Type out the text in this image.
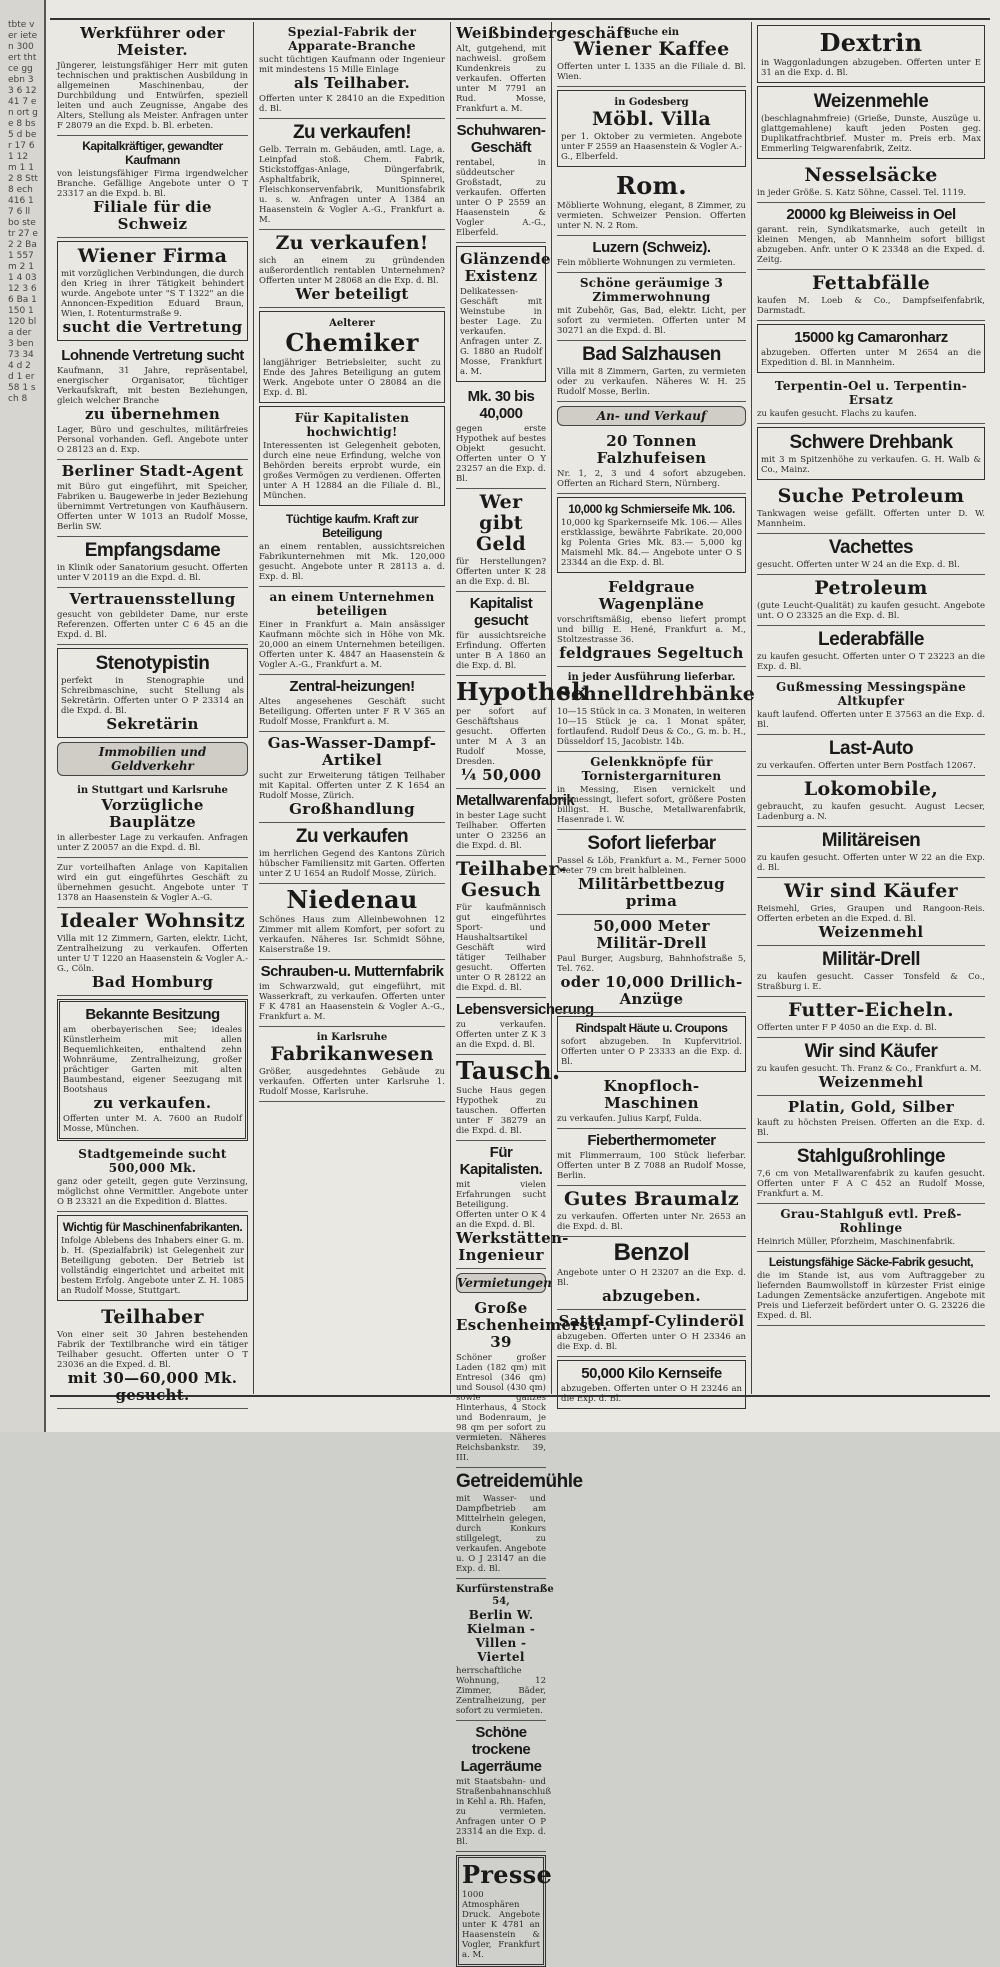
tbte ver ieten 300 ert tht ce ggebn 33 6 12 41 7 en ort ge 8 bs 5 d ber 17 6 1 12 m 1 12 8 Stt 8 ech 416 17 6 ll bo ste tr 27 e 2 2 Ba 1 557 m 2 11 4 03 12 3 66 Ba 1 150 1 120 bla der 3 ben 73 344 d 2 d 1 er 58 1 sch 8
Werkführer oder Meister.
Jüngerer, leistungsfähiger Herr mit guten technischen und praktischen Ausbildung in allgemeinen Maschinenbau, der Durchbildung und Entwürfen, speziell leiten und auch Zeugnisse, Angabe des Alters, Stellung als Meister. Anfragen unter F 28079 an die Expd. b. Bl. erbeten.
Kapitalkräftiger, gewandter Kaufmann
von leistungsfähiger Firma irgendwelcher Branche. Gefällige Angebote unter O T 23317 an die Expd. b. Bl.
Filiale für die Schweiz
Wiener Firma
mit vorzüglichen Verbindungen, die durch den Krieg in ihrer Tätigkeit behindert wurde. Angebote unter "S T 1322" an die Annoncen-Expedition Eduard Braun, Wien, I. Rotenturmstraße 9.
sucht die Vertretung
Lohnende Vertretung sucht
Kaufmann, 31 Jahre, repräsentabel, energischer Organisator, tüchtiger Verkaufskraft, mit besten Beziehungen, gleich welcher Branche
zu übernehmen
Lager, Büro und geschultes, militärfreies Personal vorhanden. Gefl. Angebote unter O 28123 an d. Exp.
Berliner Stadt-Agent
mit Büro gut eingeführt, mit Speicher, Fabriken u. Baugewerbe in jeder Beziehung übernimmt Vertretungen von Kaufhäusern. Offerten unter W 1013 an Rudolf Mosse, Berlin SW.
Empfangsdame
in Klinik oder Sanatorium gesucht. Offerten unter V 20119 an die Expd. d. Bl.
Vertrauensstellung
gesucht von gebildeter Dame, nur erste Referenzen. Offerten unter C 6 45 an die Expd. d. Bl.
Stenotypistin
perfekt in Stenographie und Schreibmaschine, sucht Stellung als Sekretärin. Offerten unter O P 23314 an die Expd. d. Bl.
Sekretärin
Immobilien und Geldverkehr
in Stuttgart und Karlsruhe
Vorzügliche Bauplätze
in allerbester Lage zu verkaufen. Anfragen unter Z 20057 an die Expd. d. Bl.
Zur vorteilhaften Anlage von Kapitalien wird ein gut eingeführtes Geschäft zu übernehmen gesucht. Angebote unter T 1378 an Haasenstein & Vogler A.-G.
Idealer Wohnsitz
Villa mit 12 Zimmern, Garten, elektr. Licht, Zentralheizung zu verkaufen. Offerten unter U T 1220 an Haasenstein & Vogler A.-G., Cöln.
Bad Homburg
Bekannte Besitzung
am oberbayerischen See; ideales Künstlerheim mit allen Bequemlichkeiten, enthaltend zehn Wohnräume, Zentralheizung, großer prächtiger Garten mit alten Baumbestand, eigener Seezugang mit Bootshaus
zu verkaufen.
Offerten unter M. A. 7600 an Rudolf Mosse, München.
Stadtgemeinde sucht 500,000 Mk.
ganz oder geteilt, gegen gute Verzinsung, möglichst ohne Vermittler. Angebote unter O B 23321 an die Expedition d. Blattes.
Wichtig für Maschinenfabrikanten.
Infolge Ablebens des Inhabers einer G. m. b. H. (Spezialfabrik) ist Gelegenheit zur Beteiligung geboten. Der Betrieb ist vollständig eingerichtet und arbeitet mit bestem Erfolg. Angebote unter Z. H. 1085 an Rudolf Mosse, Stuttgart.
Teilhaber
Von einer seit 30 Jahren bestehenden Fabrik der Textilbranche wird ein tätiger Teilhaber gesucht. Offerten unter O T 23036 an die Exped. d. Bl.
mit 30—60,000 Mk. gesucht.
Spezial-Fabrik der Apparate-Branche
sucht tüchtigen Kaufmann oder Ingenieur mit mindestens 15 Mille Einlage
als Teilhaber.
Offerten unter K 28410 an die Expedition d. Bl.
Zu verkaufen!
Gelb. Terrain m. Gebäuden, amtl. Lage, a. Leinpfad stoß. Chem. Fabrik, Stickstoffgas-Anlage, Düngerfabrik, Asphaltfabrik, Spinnerei, Fleischkonservenfabrik, Munitionsfabrik u. s. w. Anfragen unter A 1384 an Haasenstein & Vogler A.-G., Frankfurt a. M.
Zu verkaufen!
sich an einem zu gründenden außerordentlich rentablen Unternehmen? Offerten unter M 28068 an die Exp. d. Bl.
Wer beteiligt
Aelterer
Chemiker
langjähriger Betriebsleiter, sucht zu Ende des Jahres Beteiligung an gutem Werk. Angebote unter O 28084 an die Exp. d. Bl.
Für Kapitalisten hochwichtig!
Interessenten ist Gelegenheit geboten, durch eine neue Erfindung, welche von Behörden bereits erprobt wurde, ein großes Vermögen zu verdienen. Offerten unter A H 12884 an die Filiale d. Bl., München.
Tüchtige kaufm. Kraft zur Beteiligung
an einem rentablen, aussichtsreichen Fabrikunternehmen mit Mk. 120,000 gesucht. Angebote unter R 28113 a. d. Exp. d. Bl.
an einem Unternehmen beteiligen
Einer in Frankfurt a. Main ansässiger Kaufmann möchte sich in Höhe von Mk. 20,000 an einem Unternehmen beteiligen. Offerten unter K. 4847 an Haasenstein & Vogler A.-G., Frankfurt a. M.
Zentral-heizungen!
Altes angesehenes Geschäft sucht Beteiligung. Offerten unter F R V 365 an Rudolf Mosse, Frankfurt a. M.
Gas-Wasser-Dampf-Artikel
sucht zur Erweiterung tätigen Teilhaber mit Kapital. Offerten unter Z K 1654 an Rudolf Mosse, Zürich.
Großhandlung
Zu verkaufen
im herrlichen Gegend des Kantons Zürich hübscher Familiensitz mit Garten. Offerten unter Z U 1654 an Rudolf Mosse, Zürich.
Niedenau
Schönes Haus zum Alleinbewohnen 12 Zimmer mit allem Komfort, per sofort zu verkaufen. Näheres Isr. Schmidt Söhne, Kaiserstraße 19.
Schrauben-u. Mutternfabrik
im Schwarzwald, gut eingeführt, mit Wasserkraft, zu verkaufen. Offerten unter F K 4781 an Haasenstein & Vogler A.-G., Frankfurt a. M.
in Karlsruhe
Fabrikanwesen
Größer, ausgedehntes Gebäude zu verkaufen. Offerten unter Karlsruhe 1. Rudolf Mosse, Karlsruhe.
Weißbindergeschäft
Alt, gutgehend, mit nachweisl. großem Kundenkreis zu verkaufen. Offerten unter M 7791 an Rud. Mosse, Frankfurt a. M.
Schuhwaren-Geschäft
rentabel, in süddeutscher Großstadt, zu verkaufen. Offerten unter O P 2559 an Haasenstein & Vogler A.-G., Elberfeld.
Glänzende Existenz
Delikatessen-Geschäft mit Weinstube in bester Lage. Zu verkaufen. Anfragen unter Z. G. 1880 an Rudolf Mosse, Frankfurt a. M.
Mk. 30 bis 40,000
gegen erste Hypothek auf bestes Objekt gesucht. Offerten unter O Y 23257 an die Exp. d. Bl.
Wer gibt Geld
für Herstellungen? Offerten unter K 28 an die Exp. d. Bl.
Kapitalist gesucht
für aussichtsreiche Erfindung. Offerten unter B A 1860 an die Exp. d. Bl.
Hypothek
per sofort auf Geschäftshaus gesucht. Offerten unter M A 3 an Rudolf Mosse, Dresden.
¼ 50,000
Metallwarenfabrik
in bester Lage sucht Teilhaber. Offerten unter O 23256 an die Expd. d. Bl.
Teilhaber-Gesuch
Für kaufmännisch gut eingeführtes Sport- und Haushaltsartikel Geschäft wird tätiger Teilhaber gesucht. Offerten unter O R 28122 an die Expd. d. Bl.
Lebensversicherung
zu verkaufen. Offerten unter Z K 3 an die Expd. d. Bl.
Tausch.
Suche Haus gegen Hypothek zu tauschen. Offerten unter F 38279 an die Expd. d. Bl.
Für Kapitalisten.
mit vielen Erfahrungen sucht Beteiligung. Offerten unter O K 4 an die Expd. d. Bl.
Werkstätten-Ingenieur
Vermietungen
Große Eschenheimerstr. 39
Schöner großer Laden (182 qm) mit Entresol (346 qm) und Sousol (430 qm) sowie ganzes Hinterhaus, 4 Stock und Bodenraum, je 98 qm per sofort zu vermieten. Näheres Reichsbankstr. 39, III.
Getreidemühle
mit Wasser- und Dampfbetrieb am Mittelrhein gelegen, durch Konkurs stillgelegt, zu verkaufen. Angebote u. O J 23147 an die Exp. d. Bl.
Kurfürstenstraße 54,
Berlin W. Kielman - Villen - Viertel
herrschaftliche Wohnung, 12 Zimmer, Bäder, Zentralheizung, per sofort zu vermieten.
Schöne trockene Lagerräume
mit Staatsbahn- und Straßenbahnanschluß in Kehl a. Rh. Hafen, zu vermieten. Anfragen unter O P 23314 an die Exp. d. Bl.
Presse
1000 Atmosphären Druck. Angebote unter K 4781 an Haasenstein & Vogler, Frankfurt a. M.
Suche ein
Wiener Kaffee
Offerten unter L 1335 an die Filiale d. Bl. Wien.
in Godesberg
Möbl. Villa
per 1. Oktober zu vermieten. Angebote unter F 2559 an Haasenstein & Vogler A.-G., Elberfeld.
Rom.
Möblierte Wohnung, elegant, 8 Zimmer, zu vermieten. Schweizer Pension. Offerten unter N. N. 2 Rom.
Luzern (Schweiz).
Fein möblierte Wohnungen zu vermieten.
Schöne geräumige 3 Zimmerwohnung
mit Zubehör, Gas, Bad, elektr. Licht, per sofort zu vermieten. Offerten unter M 30271 an die Expd. d. Bl.
Bad Salzhausen
Villa mit 8 Zimmern, Garten, zu vermieten oder zu verkaufen. Näheres W. H. 25 Rudolf Mosse, Berlin.
An- und Verkauf
20 Tonnen Falzhufeisen
Nr. 1, 2, 3 und 4 sofort abzugeben. Offerten an Richard Stern, Nürnberg.
10,000 kg Schmierseife Mk. 106.
10,000 kg Sparkernseife Mk. 106.— Alles erstklassige, bewährte Fabrikate. 20,000 kg Polenta Gries Mk. 83.— 5,000 kg Maismehl Mk. 84.— Angebote unter O S 23344 an die Exp. d. Bl.
Feldgraue Wagenpläne
vorschriftsmäßig, ebenso liefert prompt und billig E. Hené, Frankfurt a. M., Stoltzestrasse 36.
feldgraues Segeltuch
in jeder Ausführung lieferbar.
Schnelldrehbänke
10—15 Stück in ca. 3 Monaten, in weiteren 10—15 Stück je ca. 1 Monat später, fortlaufend. Rudolf Deus & Co., G. m. b. H., Düsseldorf 15, Jacobistr. 14b.
Gelenkknöpfe für Tornistergarnituren
in Messing, Eisen vernickelt und vermessingt, liefert sofort, größere Posten billigst. H. Busche, Metallwarenfabrik, Hasenrade i. W.
Sofort lieferbar
Passel & Löb, Frankfurt a. M., Ferner 5000 Meter 79 cm breit halbleinen.
Militärbettbezug prima
50,000 Meter Militär-Drell
Paul Burger, Augsburg, Bahnhofstraße 5, Tel. 762.
oder 10,000 Drillich-Anzüge
Rindspalt Häute u. Croupons
sofort abzugeben. In Kupfervitriol. Offerten unter O P 23333 an die Exp. d. Bl.
Knopfloch-Maschinen
zu verkaufen. Julius Karpf, Fulda.
Fieberthermometer
mit Flimmerraum, 100 Stück lieferbar. Offerten unter B Z 7088 an Rudolf Mosse, Berlin.
Gutes Braumalz
zu verkaufen. Offerten unter Nr. 2653 an die Expd. d. Bl.
Benzol
Angebote unter O H 23207 an die Exp. d. Bl.
abzugeben.
Sattdampf-Cylinderöl
abzugeben. Offerten unter O H 23346 an die Exp. d. Bl.
50,000 Kilo Kernseife
abzugeben. Offerten unter O H 23246 an die Exp. d. Bl.
Dextrin
in Waggonladungen abzugeben. Offerten unter E 31 an die Exp. d. Bl.
Weizenmehle
(beschlagnahmfreie) (Grieße, Dunste, Auszüge u. glattgemahlene) kauft jeden Posten geg. Duplikatfrachtbrief. Muster m. Preis erb. Max Emmerling Teigwarenfabrik, Zeitz.
Nesselsäcke
in jeder Größe. S. Katz Söhne, Cassel. Tel. 1119.
20000 kg Bleiweiss in Oel
garant. rein, Syndikatsmarke, auch geteilt in kleinen Mengen, ab Mannheim sofort billigst abzugeben. Anfr. unter O K 23348 an die Exped. d. Zeitg.
Fettabfälle
kaufen M. Loeb & Co., Dampfseifenfabrik, Darmstadt.
15000 kg Camaronharz
abzugeben. Offerten unter M 2654 an die Expedition d. Bl. in Mannheim.
Terpentin-Oel u. Terpentin-Ersatz
zu kaufen gesucht. Flachs zu kaufen.
Schwere Drehbank
mit 3 m Spitzenhöhe zu verkaufen. G. H. Walb & Co., Mainz.
Suche Petroleum
Tankwagen weise gefällt. Offerten unter D. W. Mannheim.
Vachettes
gesucht. Offerten unter W 24 an die Exp. d. Bl.
Petroleum
(gute Leucht-Qualität) zu kaufen gesucht. Angebote unt. O O 23325 an die Exp. d. Bl.
Lederabfälle
zu kaufen gesucht. Offerten unter O T 23223 an die Exp. d. Bl.
Gußmessing Messingspäne Altkupfer
kauft laufend. Offerten unter E 37563 an die Exp. d. Bl.
Last-Auto
zu verkaufen. Offerten unter Bern Postfach 12067.
Lokomobile,
gebraucht, zu kaufen gesucht. August Lecser, Ladenburg a. N.
Militäreisen
zu kaufen gesucht. Offerten unter W 22 an die Exp. d. Bl.
Wir sind Käufer
Reismehl, Gries, Graupen und Rangoon-Reis. Offerten erbeten an die Exped. d. Bl.
Weizenmehl
Militär-Drell
zu kaufen gesucht. Casser Tonsfeld & Co., Straßburg i. E.
Futter-Eicheln.
Offerten unter F P 4050 an die Exp. d. Bl.
Wir sind Käufer
zu kaufen gesucht. Th. Franz & Co., Frankfurt a. M.
Weizenmehl
Platin, Gold, Silber
kauft zu höchsten Preisen. Offerten an die Exp. d. Bl.
Stahlgußrohlinge
7,6 cm von Metallwarenfabrik zu kaufen gesucht. Offerten unter F A C 452 an Rudolf Mosse, Frankfurt a. M.
Grau-Stahlguß evtl. Preß-Rohlinge
Heinrich Müller, Pforzheim, Maschinenfabrik.
Leistungsfähige Säcke-Fabrik gesucht,
die im Stande ist, aus vom Auftraggeber zu liefernden Baumwollstoff in kürzester Frist einige Ladungen Zementsäcke anzufertigen. Angebote mit Preis und Lieferzeit befördert unter O. G. 23226 die Exped. d. Bl.
